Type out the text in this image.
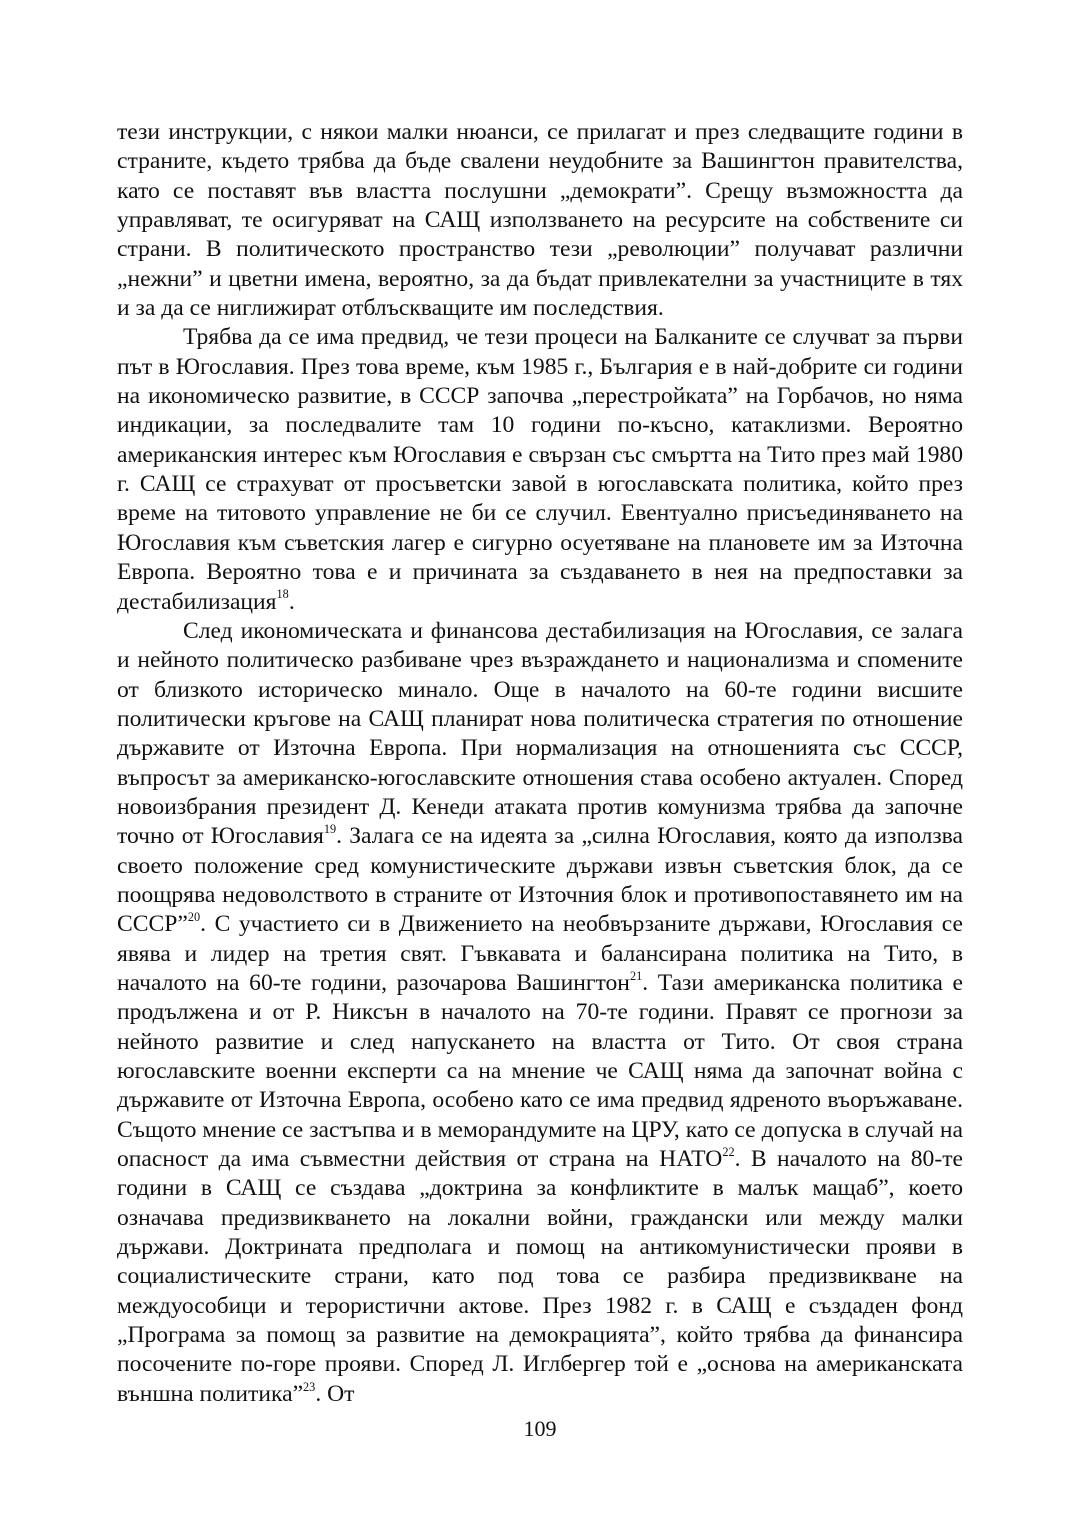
тези инструкции, с някои малки нюанси, се прилагат и през следващите години в страните, където трябва да бъде свалени неудобните за Вашингтон правителства, като се поставят във властта послушни „демократи”. Срещу възможността да управляват, те осигуряват на САЩ използването на ресурсите на собствените си страни. В политическото пространство тези „революции” получават различни „нежни” и цветни имена, вероятно, за да бъдат привлекателни за участниците в тях и за да се ниглижират отблъскващите им последствия.

Трябва да се има предвид, че тези процеси на Балканите се случват за първи път в Югославия. През това време, към 1985 г., България е в най-добрите си години на икономическо развитие, в СССР започва „перестройката” на Горбачов, но няма индикации, за последвалите там 10 години по-късно, катаклизми. Вероятно американския интерес към Югославия е свързан със смъртта на Тито през май 1980 г. САЩ се страхуват от просъветски завой в югославската политика, който през време на титовото управление не би се случил. Евентуално присъединяването на Югославия към съветския лагер е сигурно осуетяване на плановете им за Източна Европа. Вероятно това е и причината за създаването в нея на предпоставки за дестабилизация$^{18}$.

След икономическата и финансова дестабилизация на Югославия, се залага и нейното политическо разбиване чрез възраждането и национализма и спомените от близкото историческо минало. Още в началото на 60-те години висшите политически кръгове на САЩ планират нова политическа стратегия по отношение държавите от Източна Европа. При нормализация на отношенията със СССР, въпросът за американско-югославските отношения става особено актуален. Според новоизбрания президент Д. Кенеди атаката против комунизма трябва да започне точно от Югославия$^{19}$. Залага се на идеята за „силна Югославия, която да използва своето положение сред комунистическите държави извън съветския блок, да се поощрява недоволството в страните от Източния блок и противопоставянето им на СССР”$^{20}$. С участието си в Движението на необвързаните държави, Югославия се явява и лидер на третия свят. Гъвкавата и балансирана политика на Тито, в началото на 60-те години, разочарова Вашингтон$^{21}$. Тази американска политика е продължена и от Р. Никсън в началото на 70-те години. Правят се прогнози за нейното развитие и след напускането на властта от Тито. От своя страна югославските военни експерти са на мнение че САЩ няма да започнат война с държавите от Източна Европа, особено като се има предвид ядреното въоръжаване. Същото мнение се застъпва и в меморандумите на ЦРУ, като се допуска в случай на опасност да има съвместни действия от страна на НАТО$^{22}$. В началото на 80-те години в САЩ се създава „доктрина за конфликтите в малък мащаб”, което означава предизвикването на локални войни, граждански или между малки държави. Доктрината предполага и помощ на антикомунистически прояви в социалистическите страни, като под това се разбира предизвикване на междуособици и терористични актове. През 1982 г. в САЩ е създаден фонд „Програма за помощ за развитие на демокрацията”, който трябва да финансира посочените по-горе прояви. Според Л. Иглбергер той е „основа на американската външна политика”$^{23}$. От

109
